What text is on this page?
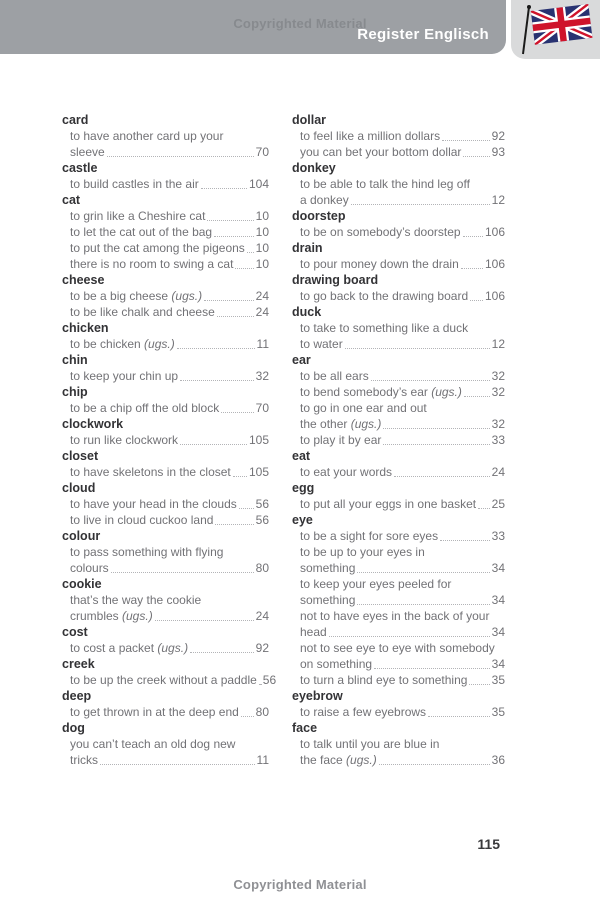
Copyrighted Material
Register Englisch
card
to have another card up your
sleeve	70
castle
to build castles in the air	104
cat
to grin like a Cheshire cat	10
to let the cat out of the bag	10
to put the cat among the pigeons 10
there is no room to swing a cat 10
cheese
to be a big cheese (ugs.)	24
to be like chalk and cheese	24
chicken
to be chicken (ugs.)	11
chin
to keep your chin up	32
chip
to be a chip off the old block	70
clockwork
to run like clockwork	105
closet
to have skeletons in the closet 105
cloud
to have your head in the clouds 56
to live in cloud cuckoo land	56
colour
to pass something with flying
colours	80
cookie
that’s the way the cookie
crumbles (ugs.)	24
cost
to cost a packet (ugs.)	92
creek
to be up the creek without a paddle 56
deep
to get thrown in at the deep end 80
dog
you can’t teach an old dog new
tricks	11
dollar
to feel like a million dollars	92
you can bet your bottom dollar	93
donkey
to be able to talk the hind leg off
a donkey	12
doorstep
to be on somebody’s doorstep 106
drain
to pour money down the drain 106
drawing board
to go back to the drawing board 106
duck
to take to something like a duck
to water	12
ear
to be all ears	32
to bend somebody’s ear (ugs.) 32
to go in one ear and out
the other (ugs.)	32
to play it by ear	33
eat
to eat your words	24
egg
to put all your eggs in one basket 25
eye
to be a sight for sore eyes	33
to be up to your eyes in
something	34
to keep your eyes peeled for
something	34
not to have eyes in the back of your
head	34
not to see eye to eye with somebody
on something	34
to turn a blind eye to something 35
eyebrow
to raise a few eyebrows	35
face
to talk until you are blue in
the face (ugs.)	36
115
Copyrighted Material
